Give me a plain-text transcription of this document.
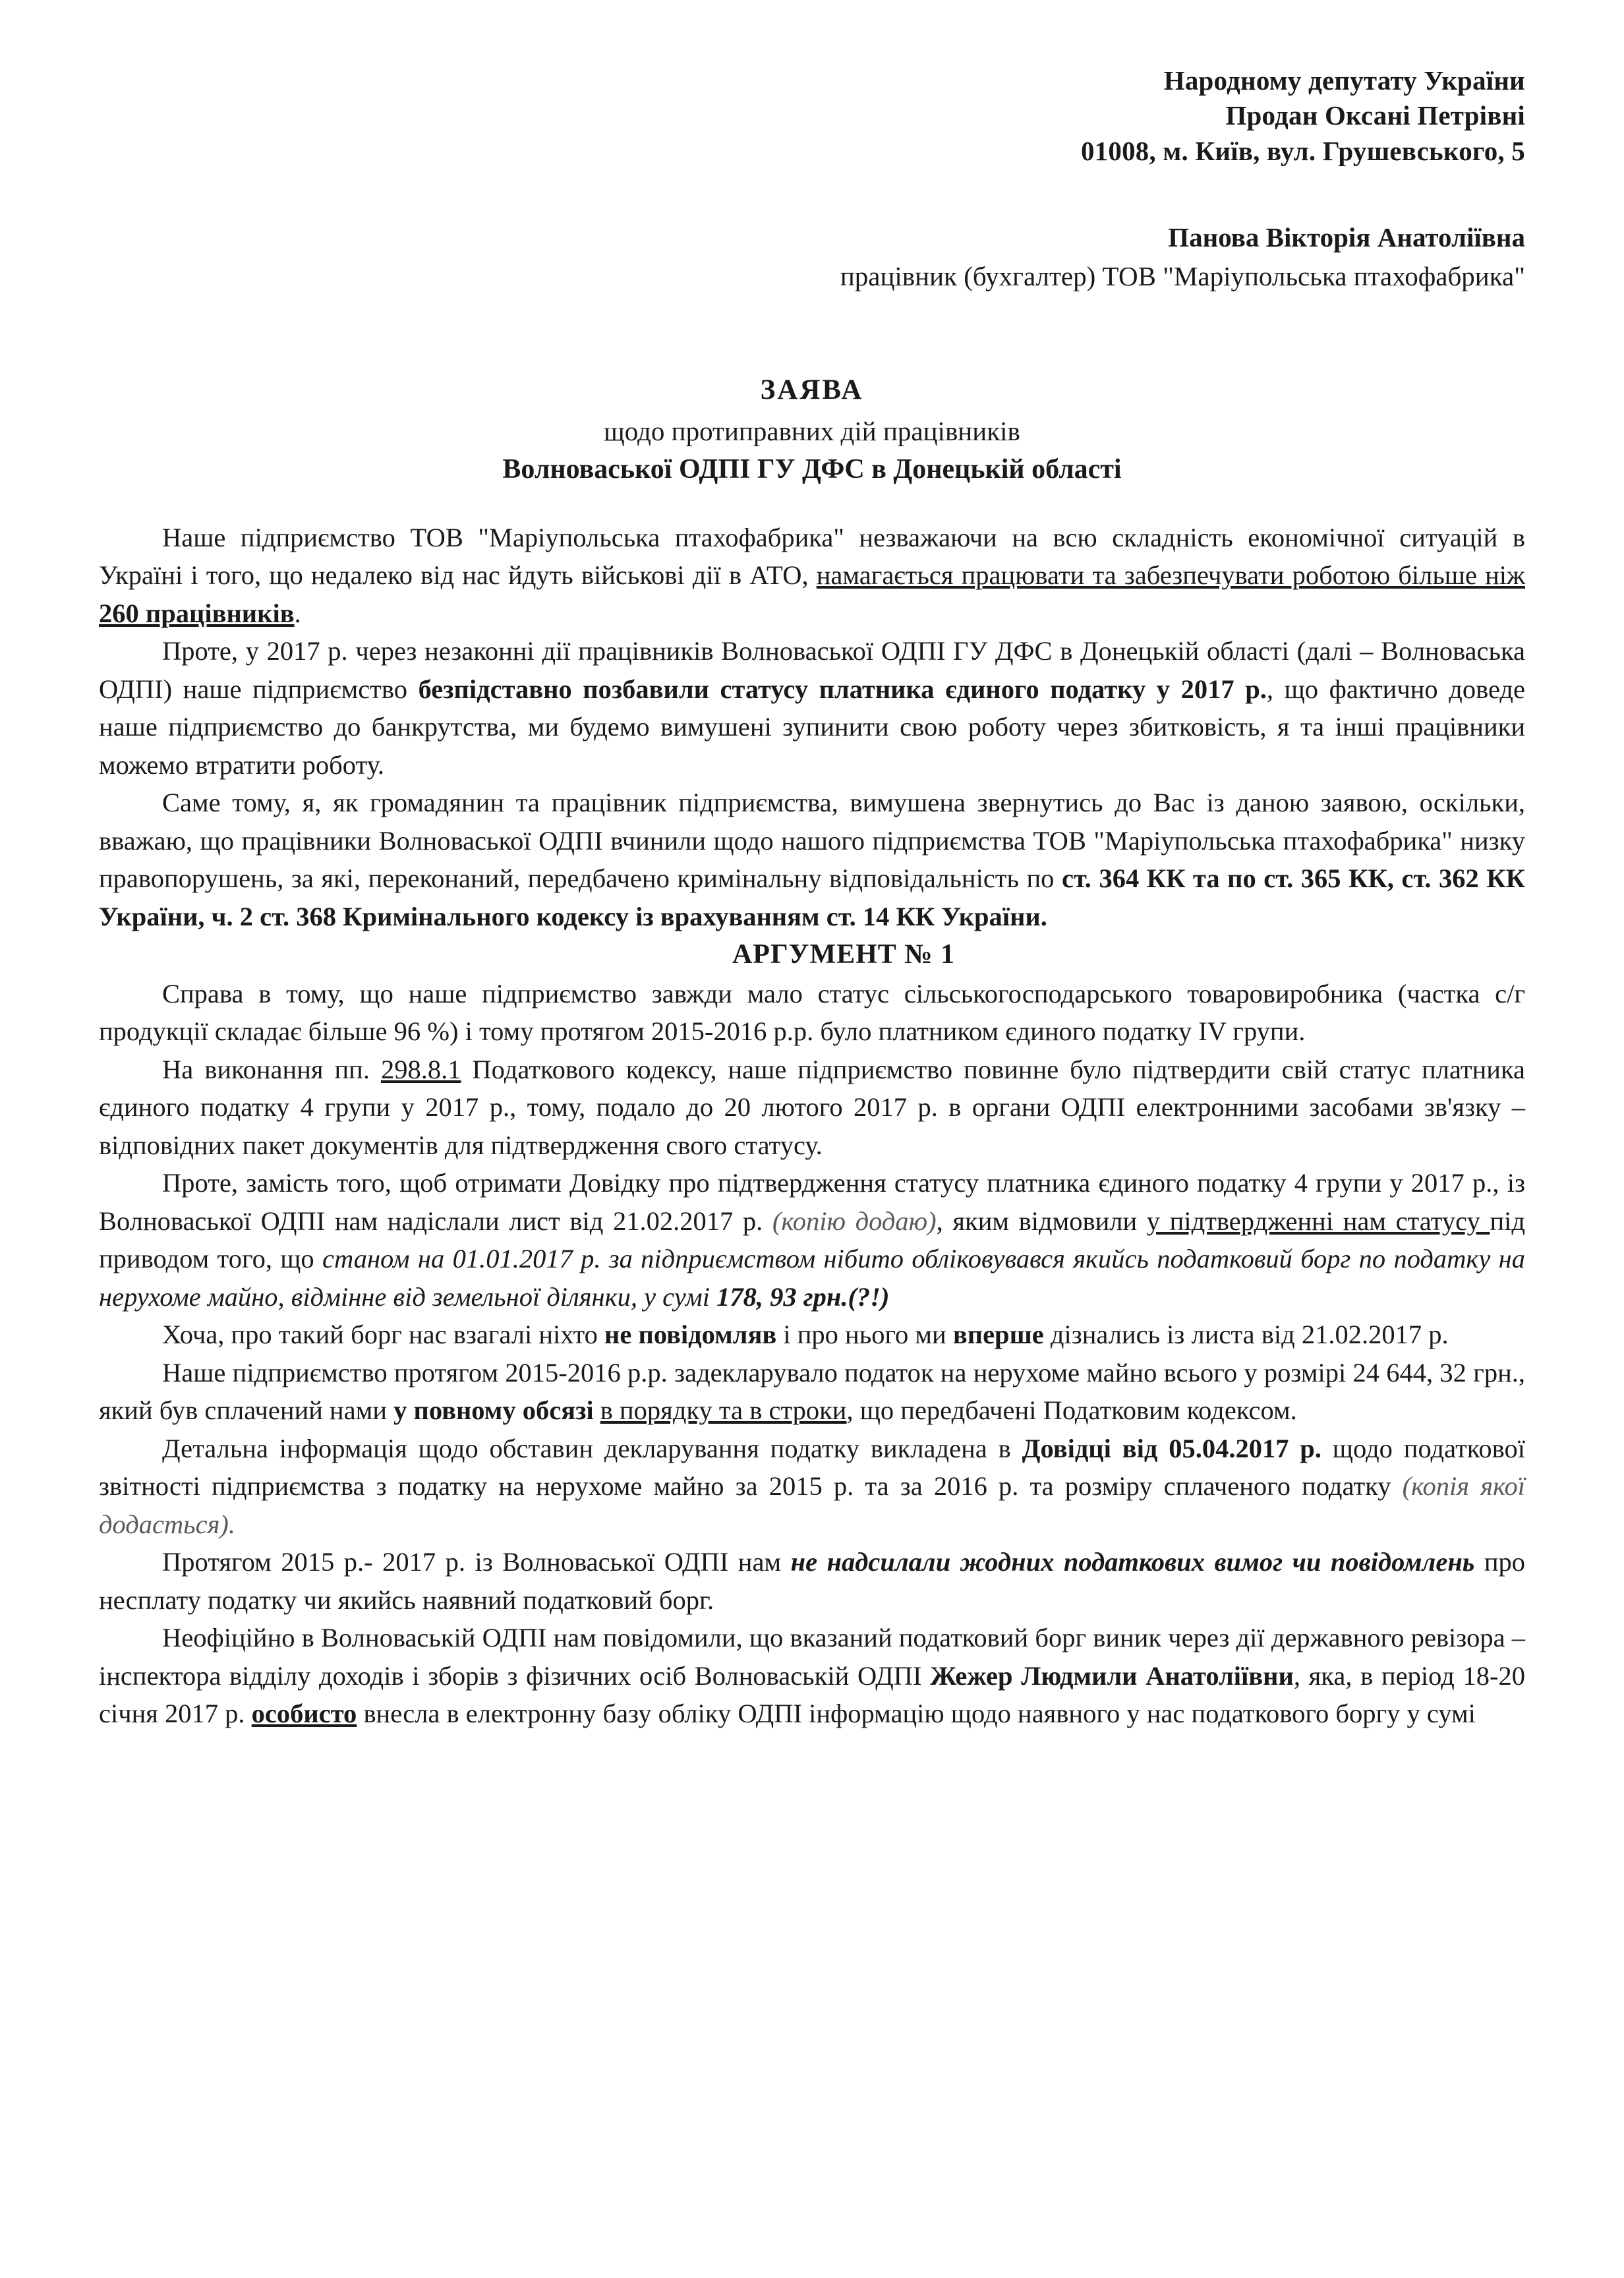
Народному депутату України
Продан Оксані Петрівні
01008, м. Київ, вул. Грушевського, 5
Панова Вікторія Анатоліївна
працівник (бухгалтер) ТОВ "Маріупольська птахофабрика"
ЗАЯВА
щодо протиправних дій працівників
Волноваської ОДПІ ГУ ДФС в Донецькій області

Наше підприємство ТОВ "Маріупольська птахофабрика" незважаючи на всю складність економічної ситуацій в Україні і того, що недалеко від нас йдуть військові дії в АТО, намагається працювати та забезпечувати роботою більше ніж 260 працівників.

Проте, у 2017 р. через незаконні дії працівників Волноваської ОДПІ ГУ ДФС в Донецькій області (далі – Волноваська ОДПІ) наше підприємство безпідставно позбавили статусу платника єдиного податку у 2017 р., що фактично доведе наше підприємство до банкрутства, ми будемо вимушені зупинити свою роботу через збитковість, я та інші працівники можемо втратити роботу.

Саме тому, я, як громадянин та працівник підприємства, вимушена звернутись до Вас із даною заявою, оскільки, вважаю, що працівники Волноваської ОДПІ вчинили щодо нашого підприємства ТОВ "Маріупольська птахофабрика" низку правопорушень, за які, переконаний, передбачено кримінальну відповідальність по ст. 364 КК та по ст. 365 КК, ст. 362 КК України, ч. 2 ст. 368 Кримінального кодексу із врахуванням ст. 14 КК України.

АРГУМЕНТ № 1

Справа в тому, що наше підприємство завжди мало статус сільськогосподарського товаровиробника (частка с/г продукції складає більше 96 %) і тому протягом 2015-2016 р.р. було платником єдиного податку IV групи.

На виконання пп. 298.8.1 Податкового кодексу, наше підприємство повинне було підтвердити свій статус платника єдиного податку 4 групи у 2017 р., тому, подало до 20 лютого 2017 р. в органи ОДПІ електронними засобами зв'язку – відповідних пакет документів для підтвердження свого статусу.

Проте, замість того, щоб отримати Довідку про підтвердження статусу платника єдиного податку 4 групи у 2017 р., із Волноваської ОДПІ нам надіслали лист від 21.02.2017 р. (копію додаю), яким відмовили у підтвердженні нам статусу під приводом того, що станом на 01.01.2017 р. за підприємством нібито обліковувався якийсь податковий борг по податку на нерухоме майно, відмінне від земельної ділянки, у сумі 178, 93 грн.(?!)

Хоча, про такий борг нас взагалі ніхто не повідомляв і про нього ми вперше дізнались із листа від 21.02.2017 р.

Наше підприємство протягом 2015-2016 р.р. задекларувало податок на нерухоме майно всього у розмірі 24 644, 32 грн., який був сплачений нами у повному обсязі в порядку та в строки, що передбачені Податковим кодексом.

Детальна інформація щодо обставин декларування податку викладена в Довідці від 05.04.2017 р. щодо податкової звітності підприємства з податку на нерухоме майно за 2015 р. та за 2016 р. та розміру сплаченого податку (копія якої додасться).

Протягом 2015 р.- 2017 р. із Волноваської ОДПІ нам не надсилали жодних податкових вимог чи повідомлень про несплату податку чи якийсь наявний податковий борг.

Неофіційно в Волноваській ОДПІ нам повідомили, що вказаний податковий борг виник через дії державного ревізора – інспектора відділу доходів і зборів з фізичних осіб Волноваській ОДПІ Жежер Людмили Анатоліївни, яка, в період 18-20 січня 2017 р. особисто внесла в електронну базу обліку ОДПІ інформацію щодо наявного у нас податкового боргу у сумі
